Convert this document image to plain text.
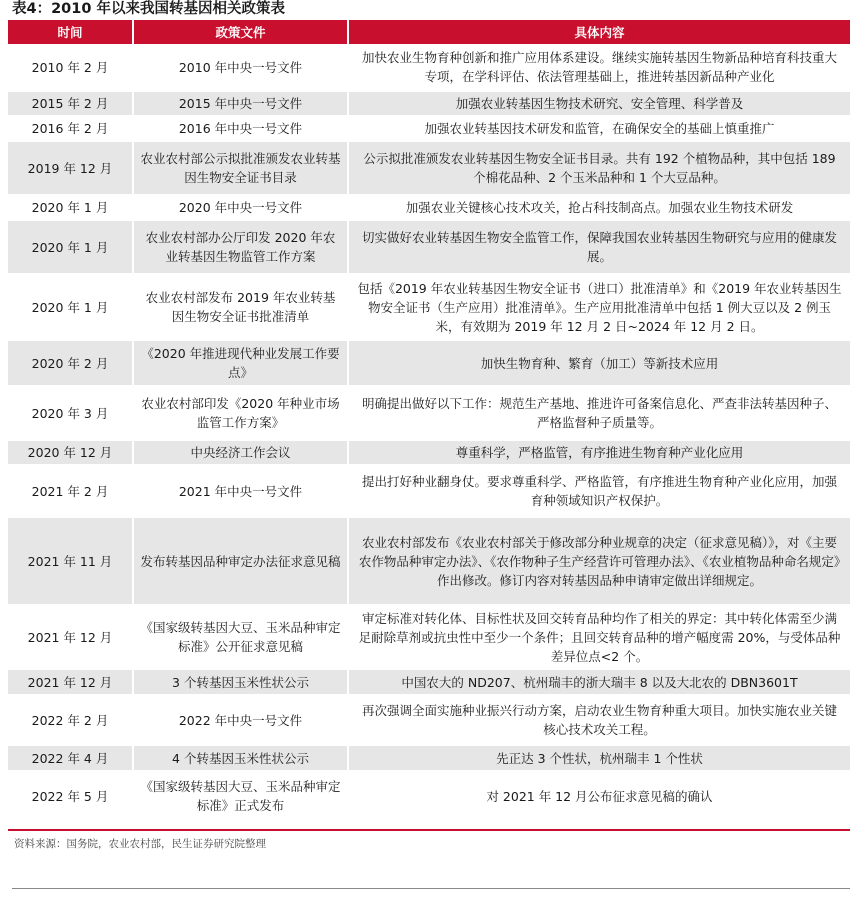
表4：2010 年以来我国转基因相关政策表
时间	政策文件	具体内容
2010 年 2 月	2010 年中央一号文件	加快农业生物育种创新和推广应用体系建设。继续实施转基因生物新品种培育科技重大专项，在学科评估、依法管理基础上，推进转基因新品种产业化
2015 年 2 月	2015 年中央一号文件	加强农业转基因生物技术研究、安全管理、科学普及
2016 年 2 月	2016 年中央一号文件	加强农业转基因技术研发和监管，在确保安全的基础上慎重推广
2019 年 12 月	农业农村部公示拟批准颁发农业转基因生物安全证书目录	公示拟批准颁发农业转基因生物安全证书目录。共有 192 个植物品种，其中包括 189 个棉花品种、2 个玉米品种和 1 个大豆品种。
2020 年 1 月	2020 年中央一号文件	加强农业关键核心技术攻关，抢占科技制高点。加强农业生物技术研发
2020 年 1 月	农业农村部办公厅印发 2020 年农业转基因生物监管工作方案	切实做好农业转基因生物安全监管工作，保障我国农业转基因生物研究与应用的健康发展。
2020 年 1 月	农业农村部发布 2019 年农业转基因生物安全证书批准清单	包括《2019 年农业转基因生物安全证书（进口）批准清单》和《2019 年农业转基因生物安全证书（生产应用）批准清单》。生产应用批准清单中包括 1 例大豆以及 2 例玉米，有效期为 2019 年 12 月 2 日~2024 年 12 月 2 日。
2020 年 2 月	《2020 年推进现代种业发展工作要点》	加快生物育种、繁育（加工）等新技术应用
2020 年 3 月	农业农村部印发《2020 年种业市场监管工作方案》	明确提出做好以下工作：规范生产基地、推进许可备案信息化、严查非法转基因种子、严格监督种子质量等。
2020 年 12 月	中央经济工作会议	尊重科学，严格监管，有序推进生物育种产业化应用
2021 年 2 月	2021 年中央一号文件	提出打好种业翻身仗。要求尊重科学、严格监管，有序推进生物育种产业化应用，加强育种领域知识产权保护。
2021 年 11 月	发布转基因品种审定办法征求意见稿	农业农村部发布《农业农村部关于修改部分种业规章的决定（征求意见稿）》，对《主要农作物品种审定办法》、《农作物种子生产经营许可管理办法》、《农业植物品种命名规定》作出修改。修订内容对转基因品种申请审定做出详细规定。
2021 年 12 月	《国家级转基因大豆、玉米品种审定标准》公开征求意见稿	审定标准对转化体、目标性状及回交转育品种均作了相关的界定：其中转化体需至少满足耐除草剂或抗虫性中至少一个条件；且回交转育品种的增产幅度需 20%，与受体品种差异位点<2 个。
2021 年 12 月	3 个转基因玉米性状公示	中国农大的 ND207、杭州瑞丰的浙大瑞丰 8 以及大北农的 DBN3601T
2022 年 2 月	2022 年中央一号文件	再次强调全面实施种业振兴行动方案，启动农业生物育种重大项目。加快实施农业关键核心技术攻关工程。
2022 年 4 月	4 个转基因玉米性状公示	先正达 3 个性状，杭州瑞丰 1 个性状
2022 年 5 月	《国家级转基因大豆、玉米品种审定标准》正式发布	对 2021 年 12 月公布征求意见稿的确认
资料来源：国务院，农业农村部，民生证券研究院整理
